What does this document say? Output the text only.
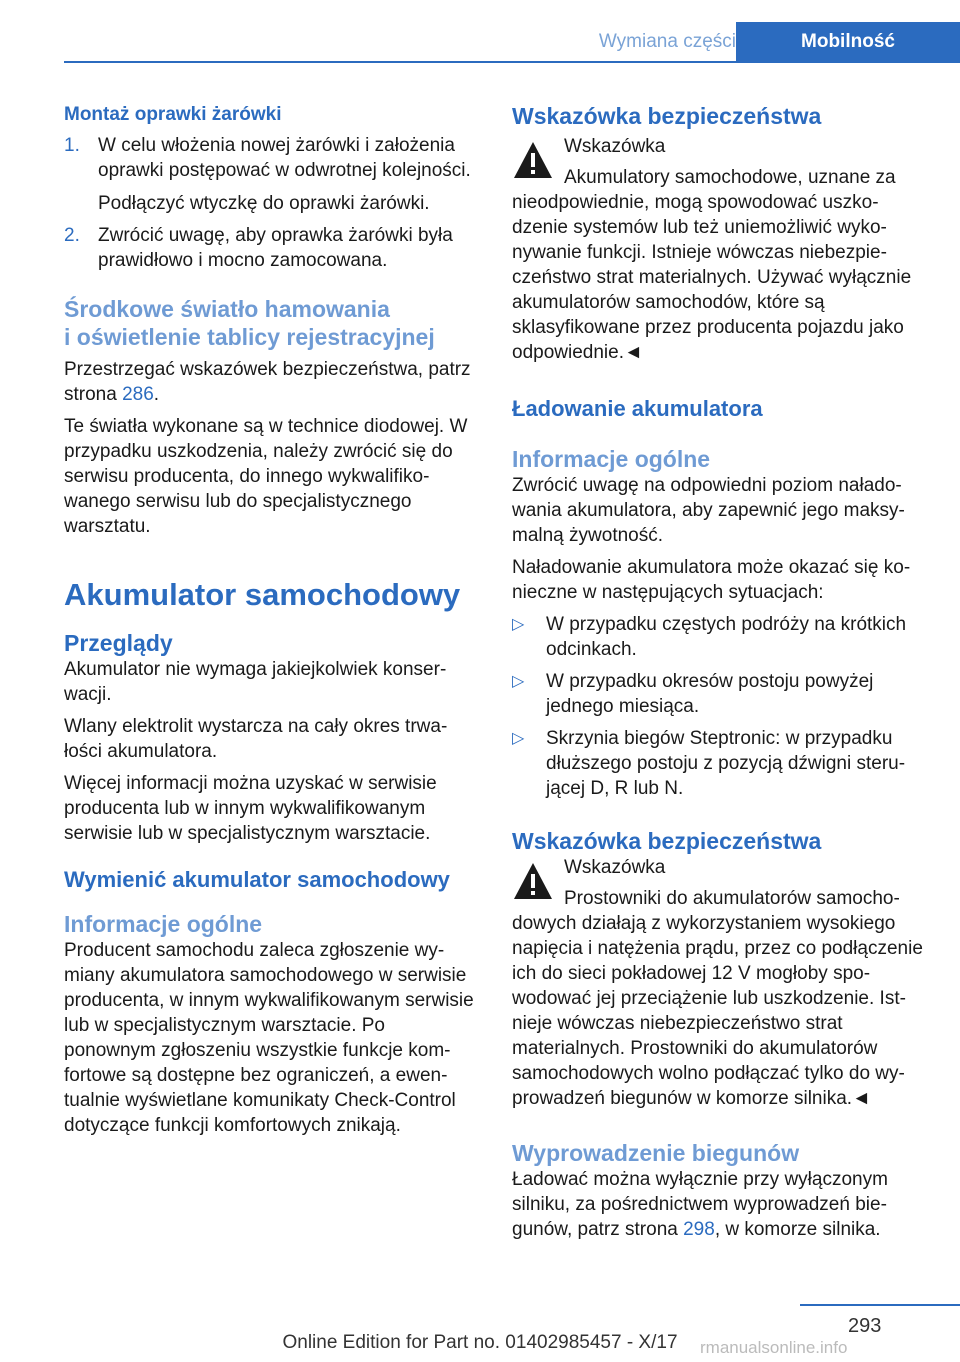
Wymiana części	Mobilność
Montaż oprawki żarówki
1. W celu włożenia nowej żarówki i założenia oprawki postępować w odwrotnej kolejności.
Podłączyć wtyczkę do oprawki żarówki.
2. Zwrócić uwagę, aby oprawka żarówki była prawidłowo i mocno zamocowana.
Środkowe światło hamowania
i oświetlenie tablicy rejestracyjnej

Przestrzegać wskazówek bezpieczeństwa, patrz strona 286.

Te światła wykonane są w technice diodowej. W przypadku uszkodzenia, należy zwrócić się do serwisu producenta, do innego wykwalifikowanego serwisu lub do specjalistycznego warsztatu.

Akumulator samochodowy
Przeglądy

Akumulator nie wymaga jakiejkolwiek konserwacji.

Wlany elektrolit wystarcza na cały okres trwałości akumulatora.

Więcej informacji można uzyskać w serwisie producenta lub w innym wykwalifikowanym serwisie lub w specjalistycznym warsztacie.

Wymienić akumulator samochodowy
Informacje ogólne

Producent samochodu zaleca zgłoszenie wymiany akumulatora samochodowego w serwisie producenta, w innym wykwalifikowanym serwisie lub w specjalistycznym warsztacie. Po ponownym zgłoszeniu wszystkie funkcje komfortowe są dostępne bez ograniczeń, a ewentualnie wyświetlane komunikaty Check-Control dotyczące funkcji komfortowych znikają.

Wskazówka bezpieczeństwa
Wskazówka
Akumulatory samochodowe, uznane za nieodpowiednie, mogą spowodować uszkodzenie systemów lub też uniemożliwić wykonywanie funkcji. Istnieje wówczas niebezpieczeństwo strat materialnych. Używać wyłącznie akumulatorów samochodów, które są sklasyfikowane przez producenta pojazdu jako odpowiednie.◄
Ładowanie akumulatora
Informacje ogólne

Zwrócić uwagę na odpowiedni poziom naładowania akumulatora, aby zapewnić jego maksymalną żywotność.

Naładowanie akumulatora może okazać się konieczne w następujących sytuacjach:

▷ W przypadku częstych podróży na krótkich odcinkach.
▷ W przypadku okresów postoju powyżej jednego miesiąca.
▷ Skrzynia biegów Steptronic: w przypadku dłuższego postoju z pozycją dźwigni sterującej D, R lub N.
Wskazówka bezpieczeństwa
Wskazówka
Prostowniki do akumulatorów samochodowych działają z wykorzystaniem wysokiego napięcia i natężenia prądu, przez co podłączenie ich do sieci pokładowej 12 V mogłoby spowodować jej przeciążenie lub uszkodzenie. Istnieje wówczas niebezpieczeństwo strat materialnych. Prostowniki do akumulatorów samochodowych wolno podłączać tylko do wyprowadzeń biegunów w komorze silnika.◄
Wyprowadzenie biegunów

Ładować można wyłącznie przy wyłączonym silniku, za pośrednictwem wyprowadzeń biegunów, patrz strona 298, w komorze silnika.

293
Online Edition for Part no. 01402985457 - X/17 rmanualsonline.info
